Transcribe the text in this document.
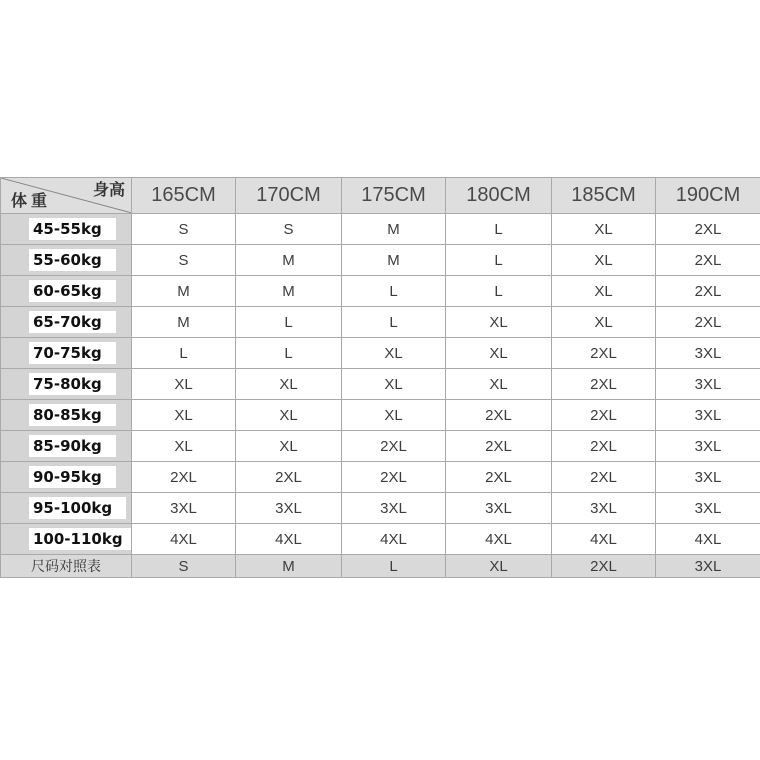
身高
体重	165CM	170CM	175CM	180CM	185CM	190CM
45-55kg	S	S	M	L	XL	2XL
55-60kg	S	M	M	L	XL	2XL
60-65kg	M	M	L	L	XL	2XL
65-70kg	M	L	L	XL	XL	2XL
70-75kg	L	L	XL	XL	2XL	3XL
75-80kg	XL	XL	XL	XL	2XL	3XL
80-85kg	XL	XL	XL	2XL	2XL	3XL
85-90kg	XL	XL	2XL	2XL	2XL	3XL
90-95kg	2XL	2XL	2XL	2XL	2XL	3XL
95-100kg	3XL	3XL	3XL	3XL	3XL	3XL
100-110kg	4XL	4XL	4XL	4XL	4XL	4XL
尺码对照表	S	M	L	XL	2XL	3XL
